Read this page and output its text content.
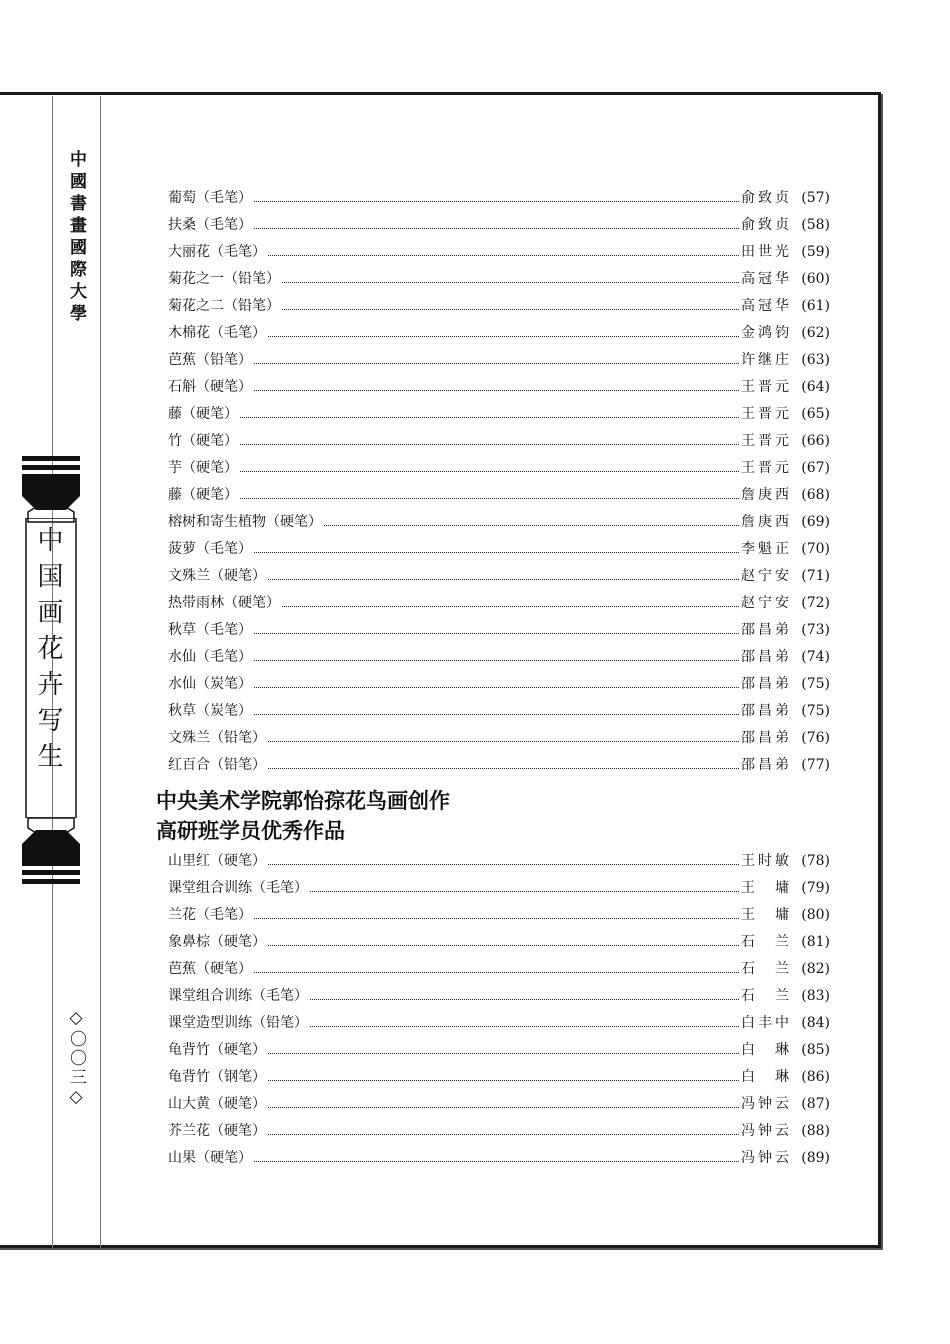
中國書畫國際大學
中国画花卉写生
◇〇〇三◇
葡萄（毛笔）	俞致贞 (57)
扶桑（毛笔）	俞致贞 (58)
大丽花（毛笔）	田世光 (59)
菊花之一（铅笔）	高冠华 (60)
菊花之二（铅笔）	高冠华 (61)
木棉花（毛笔）	金鸿钧 (62)
芭蕉（铅笔）	许继庄 (63)
石斛（硬笔）	王晋元 (64)
藤（硬笔）	王晋元 (65)
竹（硬笔）	王晋元 (66)
芋（硬笔）	王晋元 (67)
藤（硬笔）	詹庚西 (68)
榕树和寄生植物（硬笔）	詹庚西 (69)
菠萝（毛笔）	李魁正 (70)
文殊兰（硬笔）	赵宁安 (71)
热带雨林（硬笔）	赵宁安 (72)
秋草（毛笔）	邵昌弟 (73)
水仙（毛笔）	邵昌弟 (74)
水仙（炭笔）	邵昌弟 (75)
秋草（炭笔）	邵昌弟 (75)
文殊兰（铅笔）	邵昌弟 (76)
红百合（铅笔）	邵昌弟 (77)
中央美术学院郭怡孮花鸟画创作
高研班学员优秀作品
山里红（硬笔）	王时敏 (78)
课堂组合训练（毛笔）	王　墉 (79)
兰花（毛笔）	王　墉 (80)
象鼻棕（硬笔）	石　兰 (81)
芭蕉（硬笔）	石　兰 (82)
课堂组合训练（毛笔）	石　兰 (83)
课堂造型训练（铅笔）	白丰中 (84)
龟背竹（硬笔）	白　琳 (85)
龟背竹（钢笔）	白　琳 (86)
山大黄（硬笔）	冯钟云 (87)
芥兰花（硬笔）	冯钟云 (88)
山果（硬笔）	冯钟云 (89)
